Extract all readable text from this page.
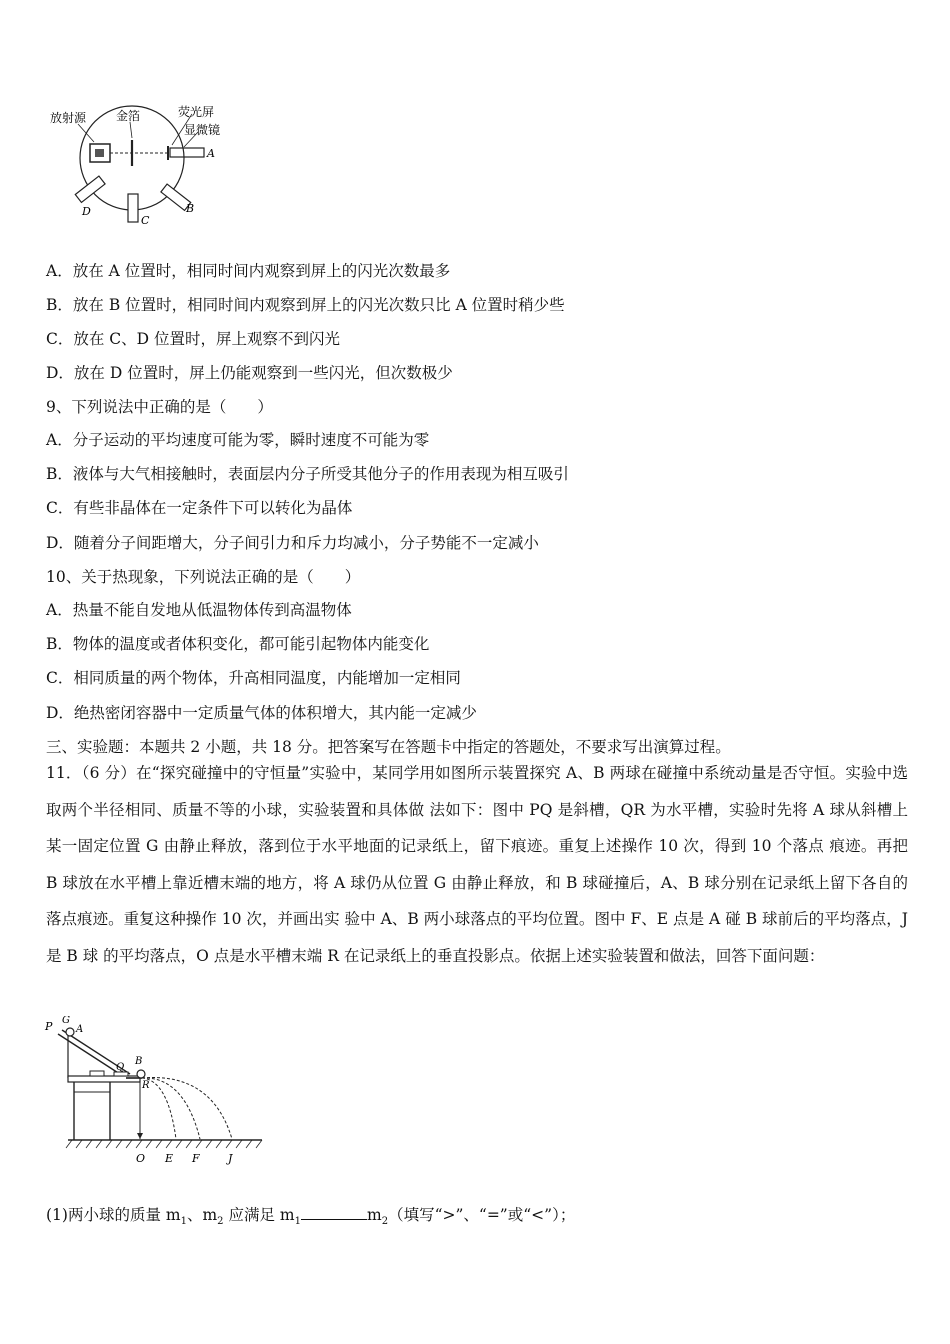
放射源 金箔	荧光屏
显微镜
A
B
C
D
A．放在 A 位置时，相同时间内观察到屏上的闪光次数最多
B．放在 B 位置时，相同时间内观察到屏上的闪光次数只比 A 位置时稍少些
C．放在 C、D 位置时，屏上观察不到闪光
D．放在 D 位置时，屏上仍能观察到一些闪光，但次数极少
9、下列说法中正确的是（　　）
A．分子运动的平均速度可能为零，瞬时速度不可能为零
B．液体与大气相接触时，表面层内分子所受其他分子的作用表现为相互吸引
C．有些非晶体在一定条件下可以转化为晶体
D．随着分子间距增大，分子间引力和斥力均减小，分子势能不一定减小
10、关于热现象，下列说法正确的是（　　）
A．热量不能自发地从低温物体传到高温物体
B．物体的温度或者体积变化，都可能引起物体内能变化
C．相同质量的两个物体，升高相同温度，内能增加一定相同
D．绝热密闭容器中一定质量气体的体积增大，其内能一定减少
三、实验题：本题共 2 小题，共 18 分。把答案写在答题卡中指定的答题处，不要求写出演算过程。
11．（6 分）在“探究碰撞中的守恒量”实验中，某同学用如图所示装置探究 A、B 两球在碰撞中系统动量是否守恒。实验中选取两个半径相同、质量不等的小球，实验装置和具体做 法如下：图中 PQ 是斜槽，QR 为水平槽，实验时先将 A 球从斜槽上某一固定位置 G 由静止释放，落到位于水平地面的记录纸上，留下痕迹。重复上述操作 10 次，得到 10 个落点 痕迹。再把 B 球放在水平槽上靠近槽末端的地方，将 A 球仍从位置 G 由静止释放，和 B 球碰撞后，A、B 球分别在记录纸上留下各自的落点痕迹。重复这种操作 10 次，并画出实 验中 A、B 两小球落点的平均位置。图中 F、E 点是 A 碰 B 球前后的平均落点，J 是 B 球 的平均落点，O 点是水平槽末端 R 在记录纸上的垂直投影点。依据上述实验装置和做法，回答下面问题：
P G
A
Q
B
R
O E F	J
(1)两小球的质量 $m_1$、$m_2$ 应满足 $m_1$	$m_2$（填写“>”、“=”或“<”）；
